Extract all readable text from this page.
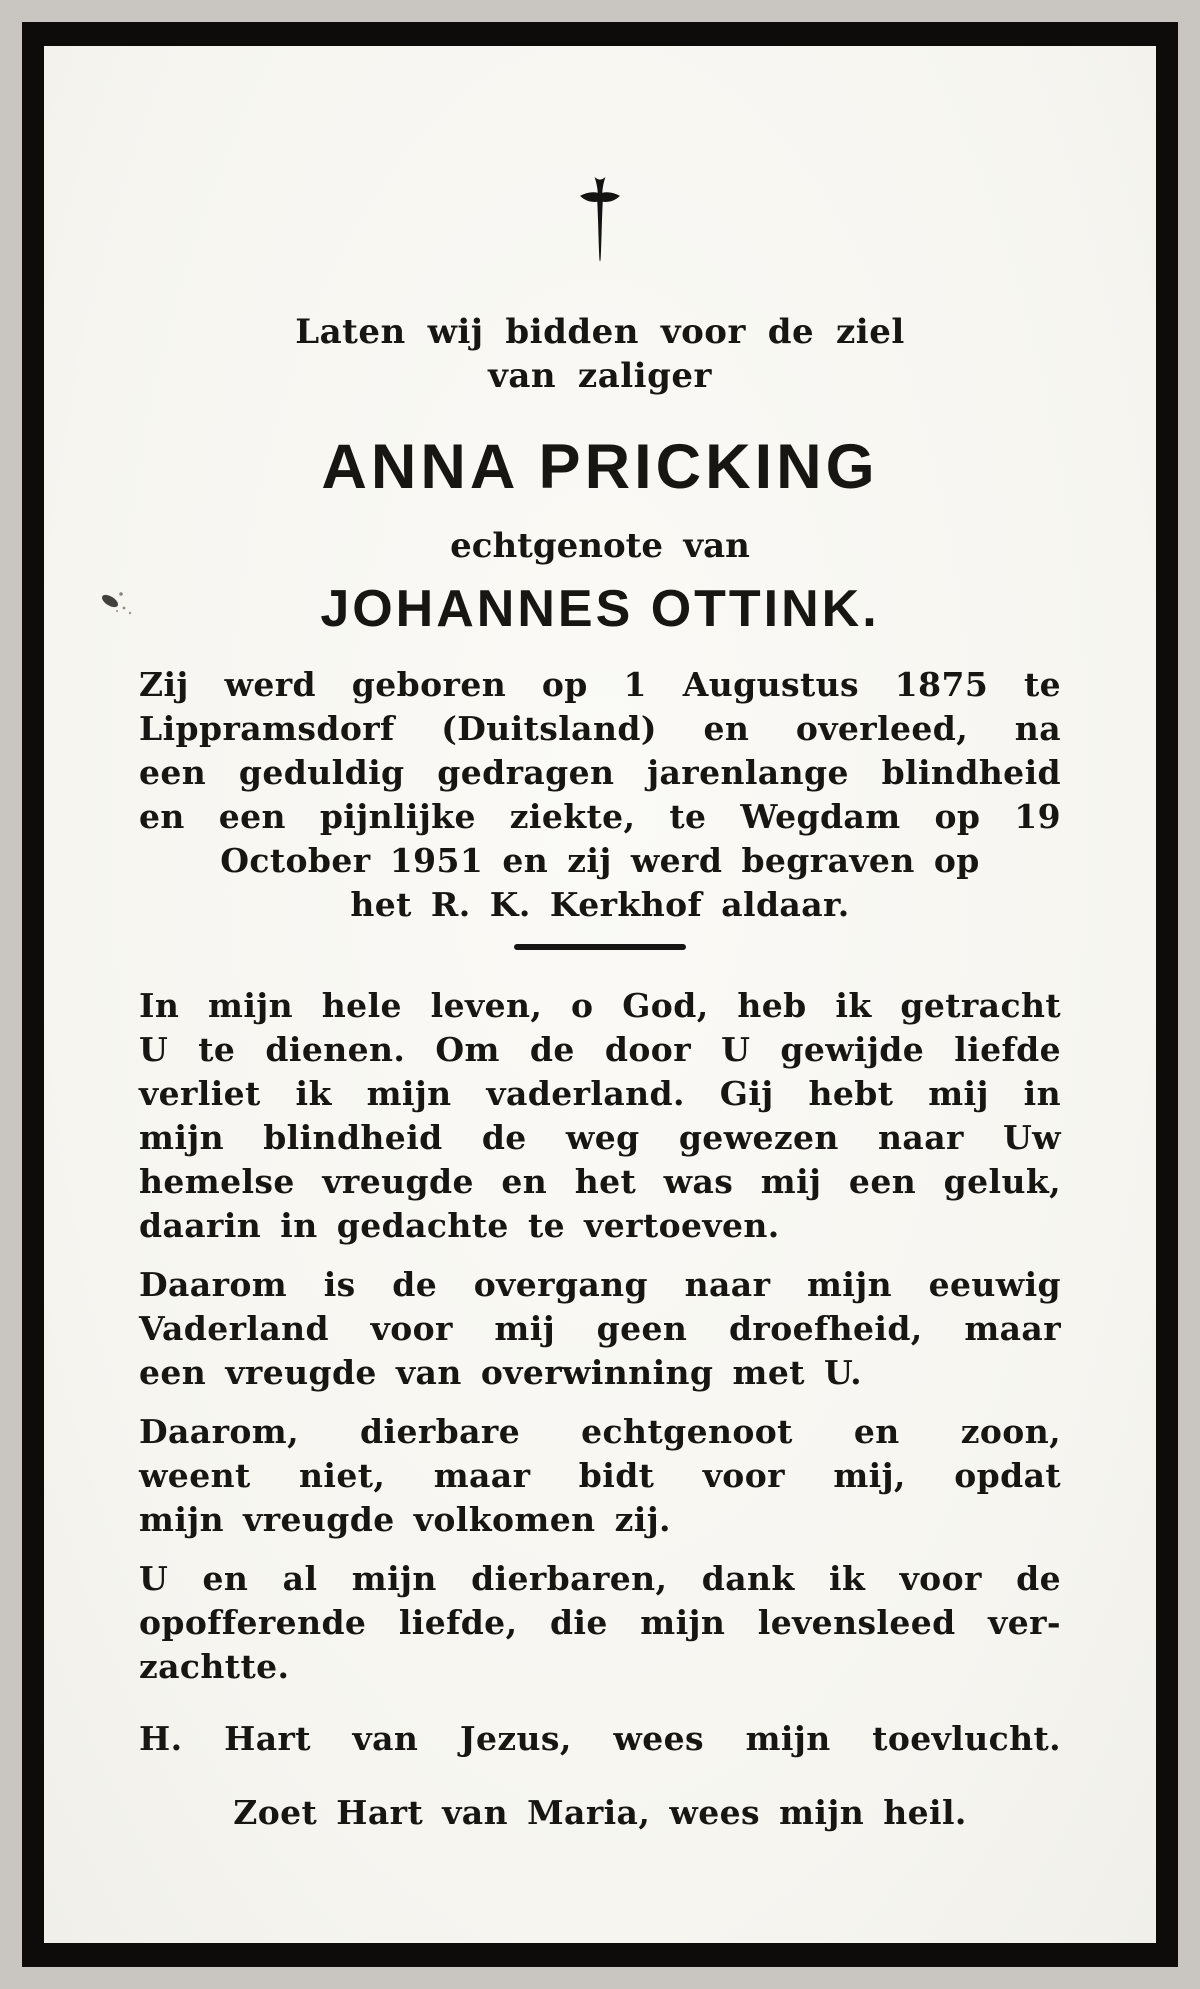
Laten wij bidden voor de ziel
van zaliger
ANNA PRICKING
echtgenote van
JOHANNES OTTINK.
Zij werd geboren op 1 Augustus 1875 te
Lippramsdorf (Duitsland) en overleed, na
een geduldig gedragen jarenlange blindheid
en een pijnlijke ziekte, te Wegdam op 19
October 1951 en zij werd begraven op
het R. K. Kerkhof aldaar.
In mijn hele leven, o God, heb ik getracht
U te dienen. Om de door U gewijde liefde
verliet ik mijn vaderland. Gij hebt mij in
mijn blindheid de weg gewezen naar Uw
hemelse vreugde en het was mij een geluk,
daarin in gedachte te vertoeven.
Daarom is de overgang naar mijn eeuwig
Vaderland voor mij geen droefheid, maar
een vreugde van overwinning met U.
Daarom, dierbare echtgenoot en zoon,
weent niet, maar bidt voor mij, opdat
mijn vreugde volkomen zij.
U en al mijn dierbaren, dank ik voor de
opofferende liefde, die mijn levensleed ver-
zachtte.
H. Hart van Jezus, wees mijn toevlucht.
Zoet Hart van Maria, wees mijn heil.
